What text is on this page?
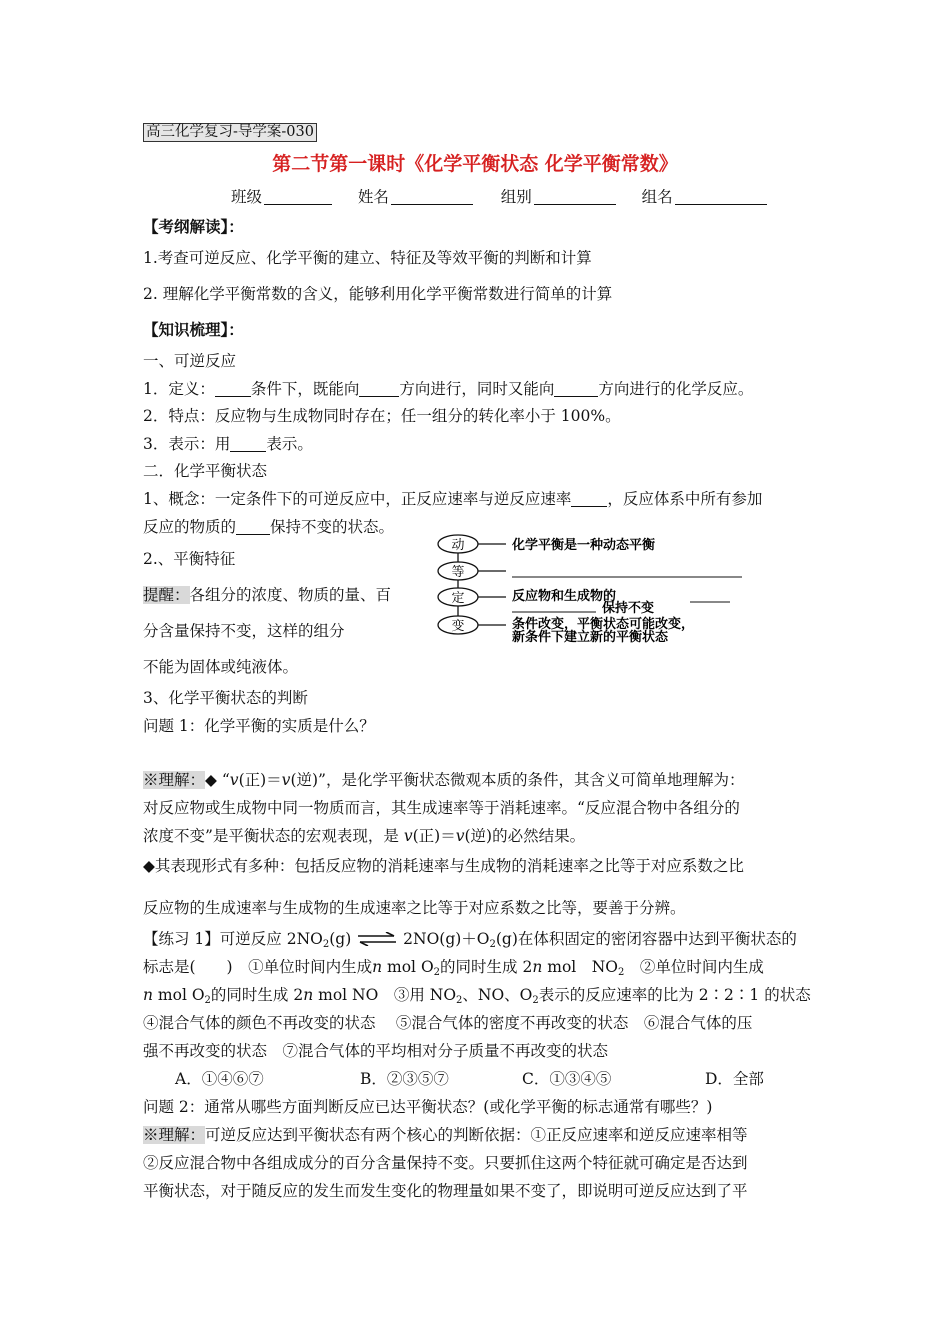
高三化学复习-导学案-030
第二节第一课时《化学平衡状态 化学平衡常数》
班级	姓名	组别	组名
【考纲解读】：
1.考查可逆反应、化学平衡的建立、特征及等效平衡的判断和计算
2. 理解化学平衡常数的含义，能够利用化学平衡常数进行简单的计算
【知识梳理】：
一、可逆反应
1．定义： 条件下，既能向	方向进行，同时又能向	方向进行的化学反应。
2．特点：反应物与生成物同时存在；任一组分的转化率小于 100%。
3．表示：用 表示。
二．化学平衡状态
1、概念：一定条件下的可逆反应中，正反应速率与逆反应速率 ，反应体系中所有参加
反应的物质的 保持不变的状态。
2.、平衡特征
提醒：各组分的浓度、物质的量、百
分含量保持不变，这样的组分
不能为固体或纯液体。
动
等
定
变
化学平衡是一种动态平衡
反应物和生成物的
保持不变
条件改变，平衡状态可能改变，
新条件下建立新的平衡状态
3、化学平衡状态的判断
问题 1：化学平衡的实质是什么？
※理解：◆ “v(正)＝v(逆)”，是化学平衡状态微观本质的条件，其含义可简单地理解为：
对反应物或生成物中同一物质而言，其生成速率等于消耗速率。“反应混合物中各组分的
浓度不变”是平衡状态的宏观表现，是 v(正)＝v(逆)的必然结果。
◆其表现形式有多种：包括反应物的消耗速率与生成物的消耗速率之比等于对应系数之比
反应物的生成速率与生成物的生成速率之比等于对应系数之比等，要善于分辨。
【练习 1】可逆反应 $2NO_2(g)$ ⇌ $2NO(g)+O_2(g)$在体积固定的密闭容器中达到平衡状态的
标志是(　　)　①单位时间内生成n mol $O_2$的同时生成 2n mol　$NO_2$　 ②单位时间内生成
n mol $O_2$的同时生成 2n mol NO　③用 $NO_2$、NO、$O_2$表示的反应速率的比为 2∶2∶1 的状态
④混合气体的颜色不再改变的状态　 ⑤混合气体的密度不再改变的状态　⑥混合气体的压
强不再改变的状态　⑦混合气体的平均相对分子质量不再改变的状态
A．①④⑥⑦	B．②③⑤⑦	C．①③④⑤	D．全部
问题 2：通常从哪些方面判断反应已达平衡状态？(或化学平衡的标志通常有哪些？)
※理解：可逆反应达到平衡状态有两个核心的判断依据：①正反应速率和逆反应速率相等
②反应混合物中各组成成分的百分含量保持不变。只要抓住这两个特征就可确定是否达到
平衡状态，对于随反应的发生而发生变化的物理量如果不变了，即说明可逆反应达到了平
